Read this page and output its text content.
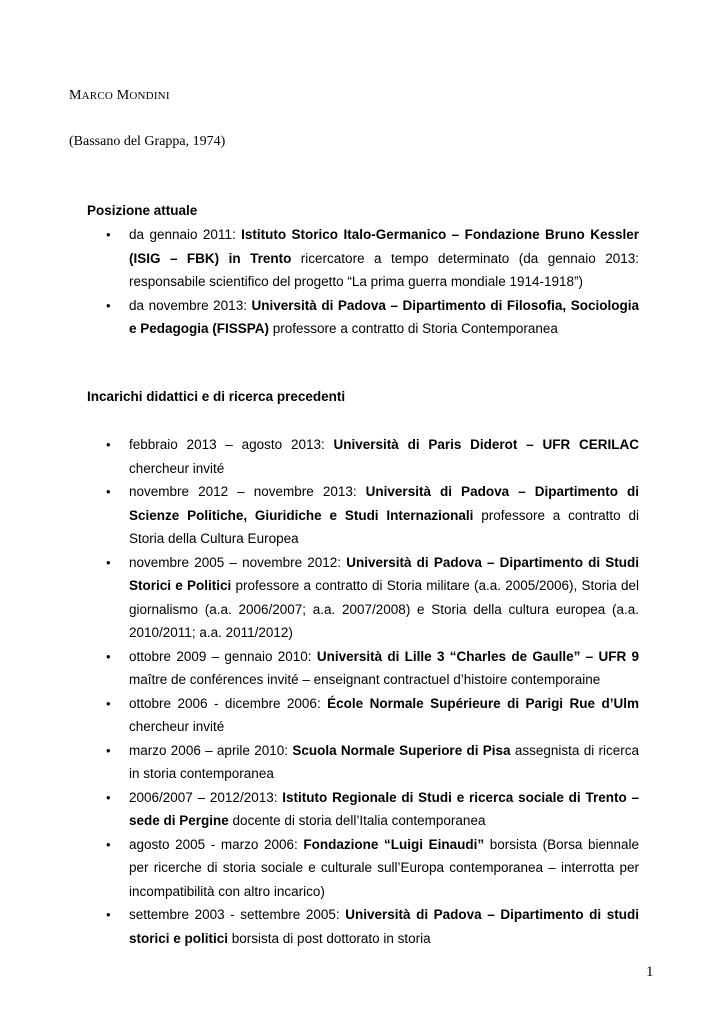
MARCO MONDINI
(Bassano del Grappa, 1974)
Posizione attuale
• da gennaio 2011: Istituto Storico Italo-Germanico – Fondazione Bruno Kessler (ISIG – FBK) in Trento ricercatore a tempo determinato (da gennaio 2013: responsabile scientifico del progetto “La prima guerra mondiale 1914-1918”)
• da novembre 2013: Università di Padova – Dipartimento di Filosofia, Sociologia e Pedagogia (FISSPA) professore a contratto di Storia Contemporanea
Incarichi didattici e di ricerca precedenti
• febbraio 2013 – agosto 2013: Università di Paris Diderot – UFR CERILAC chercheur invité
• novembre 2012 – novembre 2013: Università di Padova – Dipartimento di Scienze Politiche, Giuridiche e Studi Internazionali professore a contratto di Storia della Cultura Europea
• novembre 2005 – novembre 2012: Università di Padova – Dipartimento di Studi Storici e Politici professore a contratto di Storia militare (a.a. 2005/2006), Storia del giornalismo (a.a. 2006/2007; a.a. 2007/2008) e Storia della cultura europea (a.a. 2010/2011; a.a. 2011/2012)
• ottobre 2009 – gennaio 2010: Università di Lille 3 “Charles de Gaulle” – UFR 9 maître de conférences invité – enseignant contractuel d’histoire contemporaine
• ottobre 2006 - dicembre 2006: École Normale Supérieure di Parigi Rue d’Ulm chercheur invité
• marzo 2006 – aprile 2010: Scuola Normale Superiore di Pisa assegnista di ricerca in storia contemporanea
• 2006/2007 – 2012/2013: Istituto Regionale di Studi e ricerca sociale di Trento – sede di Pergine docente di storia dell’Italia contemporanea
• agosto 2005 - marzo 2006: Fondazione “Luigi Einaudi” borsista (Borsa biennale per ricerche di storia sociale e culturale sull’Europa contemporanea – interrotta per incompatibilità con altro incarico)
• settembre 2003 - settembre 2005: Università di Padova – Dipartimento di studi storici e politici borsista di post dottorato in storia
1
